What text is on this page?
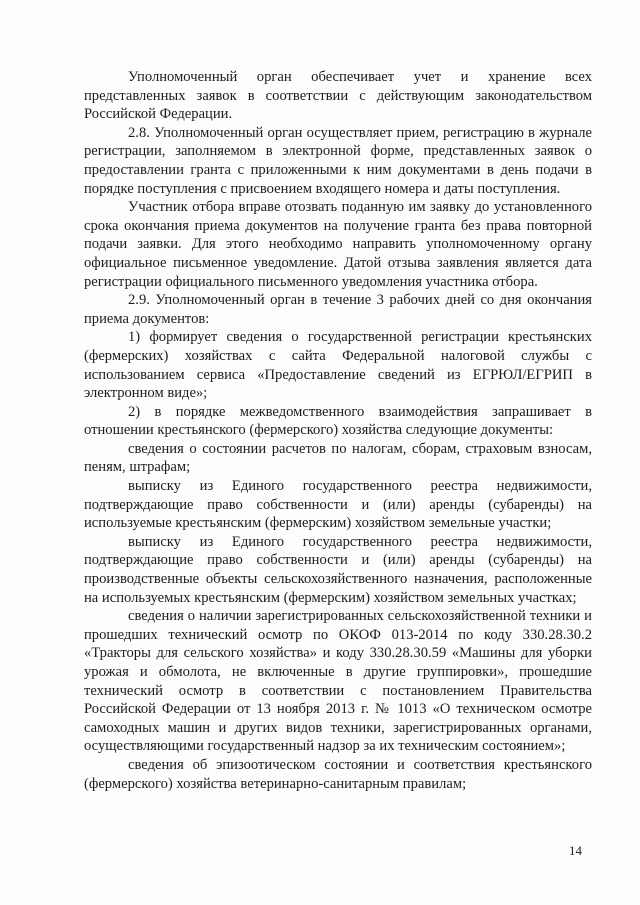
Уполномоченный орган обеспечивает учет и хранение всех представленных заявок в соответствии с действующим законодательством Российской Федерации.

2.8. Уполномоченный орган осуществляет прием, регистрацию в журнале регистрации, заполняемом в электронной форме, представленных заявок о предоставлении гранта с приложенными к ним документами в день подачи в порядке поступления с присвоением входящего номера и даты поступления.

Участник отбора вправе отозвать поданную им заявку до установленного срока окончания приема документов на получение гранта без права повторной подачи заявки. Для этого необходимо направить уполномоченному органу официальное письменное уведомление. Датой отзыва заявления является дата регистрации официального письменного уведомления участника отбора.

2.9. Уполномоченный орган в течение 3 рабочих дней со дня окончания приема документов:

1) формирует сведения о государственной регистрации крестьянских (фермерских) хозяйствах с сайта Федеральной налоговой службы с использованием сервиса «Предоставление сведений из ЕГРЮЛ/ЕГРИП в электронном виде»;

2) в порядке межведомственного взаимодействия запрашивает в отношении крестьянского (фермерского) хозяйства следующие документы:

сведения о состоянии расчетов по налогам, сборам, страховым взносам, пеням, штрафам;

выписку из Единого государственного реестра недвижимости, подтверждающие право собственности и (или) аренды (субаренды) на используемые крестьянским (фермерским) хозяйством земельные участки;

выписку из Единого государственного реестра недвижимости, подтверждающие право собственности и (или) аренды (субаренды) на производственные объекты сельскохозяйственного назначения, расположенные на используемых крестьянским (фермерским) хозяйством земельных участках;

сведения о наличии зарегистрированных сельскохозяйственной техники и прошедших технический осмотр по ОКОФ 013-2014 по коду 330.28.30.2 «Тракторы для сельского хозяйства» и коду 330.28.30.59 «Машины для уборки урожая и обмолота, не включенные в другие группировки», прошедшие технический осмотр в соответствии с постановлением Правительства Российской Федерации от 13 ноября 2013 г. № 1013 «О техническом осмотре самоходных машин и других видов техники, зарегистрированных органами, осуществляющими государственный надзор за их техническим состоянием»;

сведения об эпизоотическом состоянии и соответствия крестьянского (фермерского) хозяйства ветеринарно-санитарным правилам;

14
